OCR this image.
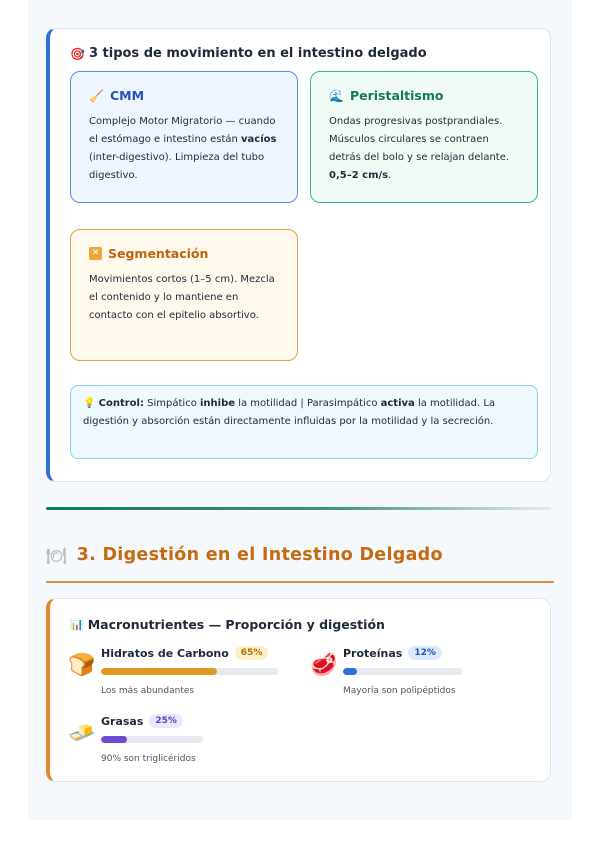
🎯 3 tipos de movimiento en el intestino delgado
🧹 CMM
Complejo Motor Migratorio — cuando el estómago e intestino están vacíos (inter-digestivo). Limpieza del tubo digestivo.
🌊 Peristaltismo
Ondas progresivas postprandiales. Músculos circulares se contraen detrás del bolo y se relajan delante. 0,5–2 cm/s.
✕ Segmentación
Movimientos cortos (1–5 cm). Mezcla el contenido y lo mantiene en contacto con el epitelio absortivo.
💡 Control: Simpático inhibe la motilidad | Parasimpático activa la motilidad. La digestión y absorción están directamente influidas por la motilidad y la secreción.
🍽 3. Digestión en el Intestino Delgado
📊 Macronutrientes — Proporción y digestión
🍞 Hidratos de Carbono	65%
Los más abundantes
🥩 Proteínas	12%
Mayoría son polipéptidos
🧈 Grasas	25%
90% son triglicéridos
